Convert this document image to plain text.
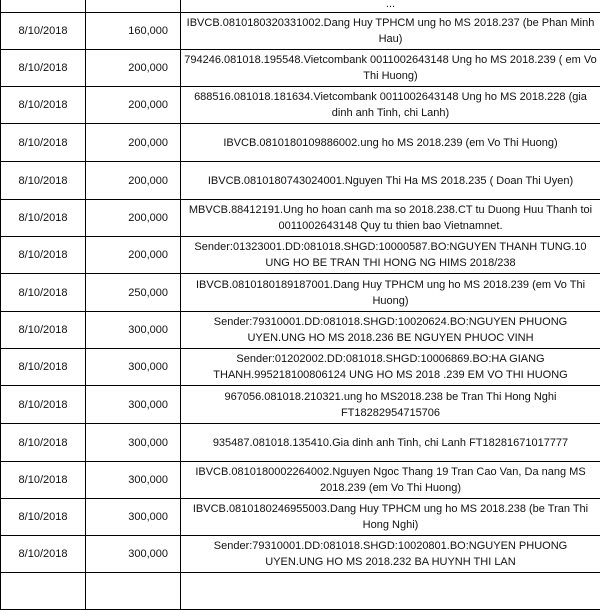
		...
8/10/2018	160,000	IBVCB.0810180320331002.Dang Huy TPHCM ung ho MS 2018.237 (be Phan Minh Hau)
8/10/2018	200,000	794246.081018.195548.Vietcombank 0011002643148 Ung ho MS 2018.239 ( em Vo Thi Huong)
8/10/2018	200,000	688516.081018.181634.Vietcombank 0011002643148 Ung ho MS 2018.228 (gia dinh anh Tinh, chi Lanh)
8/10/2018	200,000	IBVCB.0810180109886002.ung ho MS 2018.239 (em Vo Thi Huong)
8/10/2018	200,000	IBVCB.0810180743024001.Nguyen Thi Ha MS 2018.235 ( Doan Thi Uyen)
8/10/2018	200,000	MBVCB.88412191.Ung ho hoan canh ma so 2018.238.CT tu Duong Huu Thanh toi 0011002643148 Quy tu thien bao Vietnamnet.
8/10/2018	200,000	Sender:01323001.DD:081018.SHGD:10000587.BO:NGUYEN THANH TUNG.10 UNG HO BE TRAN THI HONG NG HIMS 2018/238
8/10/2018	250,000	IBVCB.0810180189187001.Dang Huy TPHCM ung ho MS 2018.239 (em Vo Thi Huong)
8/10/2018	300,000	Sender:79310001.DD:081018.SHGD:10020624.BO:NGUYEN PHUONG UYEN.UNG HO MS 2018.236 BE NGUYEN PHUOC VINH
8/10/2018	300,000	Sender:01202002.DD:081018.SHGD:10006869.BO:HA GIANG THANH.995218100806124 UNG HO MS 2018 .239 EM VO THI HUONG
8/10/2018	300,000	967056.081018.210321.ung ho MS2018.238 be Tran Thi Hong Nghi FT18282954715706
8/10/2018	300,000	935487.081018.135410.Gia dinh anh Tinh, chi Lanh FT18281671017777
8/10/2018	300,000	IBVCB.0810180002264002.Nguyen Ngoc Thang 19 Tran Cao Van, Da nang MS 2018.239 (em Vo Thi Huong)
8/10/2018	300,000	IBVCB.0810180246955003.Dang Huy TPHCM ung ho MS 2018.238 (be Tran Thi Hong Nghi)
8/10/2018	300,000	Sender:79310001.DD:081018.SHGD:10020801.BO:NGUYEN PHUONG UYEN.UNG HO MS 2018.232 BA HUYNH THI LAN
